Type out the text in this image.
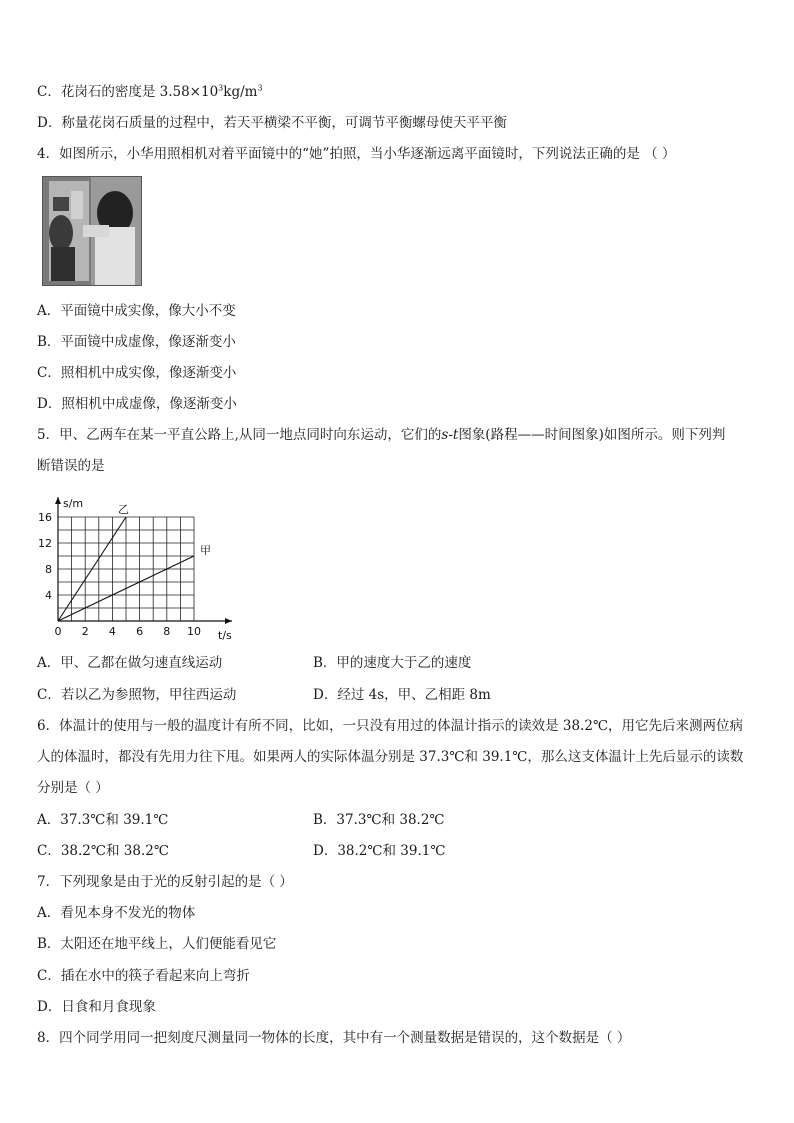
C．花岗石的密度是 $3.58\times 10^3kg/m^3$
D．称量花岗石质量的过程中，若天平横梁不平衡，可调节平衡螺母使天平平衡
4．如图所示，小华用照相机对着平面镜中的“她”拍照，当小华逐渐远离平面镜时，下列说法正确的是 （ ）
A．平面镜中成实像，像大小不变
B．平面镜中成虚像，像逐渐变小
C．照相机中成实像，像逐渐变小
D．照相机中成虚像，像逐渐变小
5．甲、乙两车在某一平直公路上,从同一地点同时向东运动，它们的s-t图象(路程——时间图象)如图所示。则下列判
断错误的是
0 2 4 6 8 10
4
8
12
16
乙
甲
s/m
t/s
A．甲、乙都在做匀速直线运动	B．甲的速度大于乙的速度
C．若以乙为参照物，甲往西运动	D．经过 4s，甲、乙相距 8m
6．体温计的使用与一般的温度计有所不同，比如，一只没有用过的体温计指示的读效是 38.2℃，用它先后来测两位病
人的体温时，都没有先用力往下甩。如果两人的实际体温分别是 37.3℃和 39.1℃，那么这支体温计上先后显示的读数
分别是（ ）
A．37.3℃和 39.1℃	B．37.3℃和 38.2℃
C．38.2℃和 38.2℃	D．38.2℃和 39.1℃
7．下列现象是由于光的反射引起的是（ ）
A．看见本身不发光的物体
B．太阳还在地平线上，人们便能看见它
C．插在水中的筷子看起来向上弯折
D．日食和月食现象
8．四个同学用同一把刻度尺测量同一物体的长度，其中有一个测量数据是错误的，这个数据是（ ）
